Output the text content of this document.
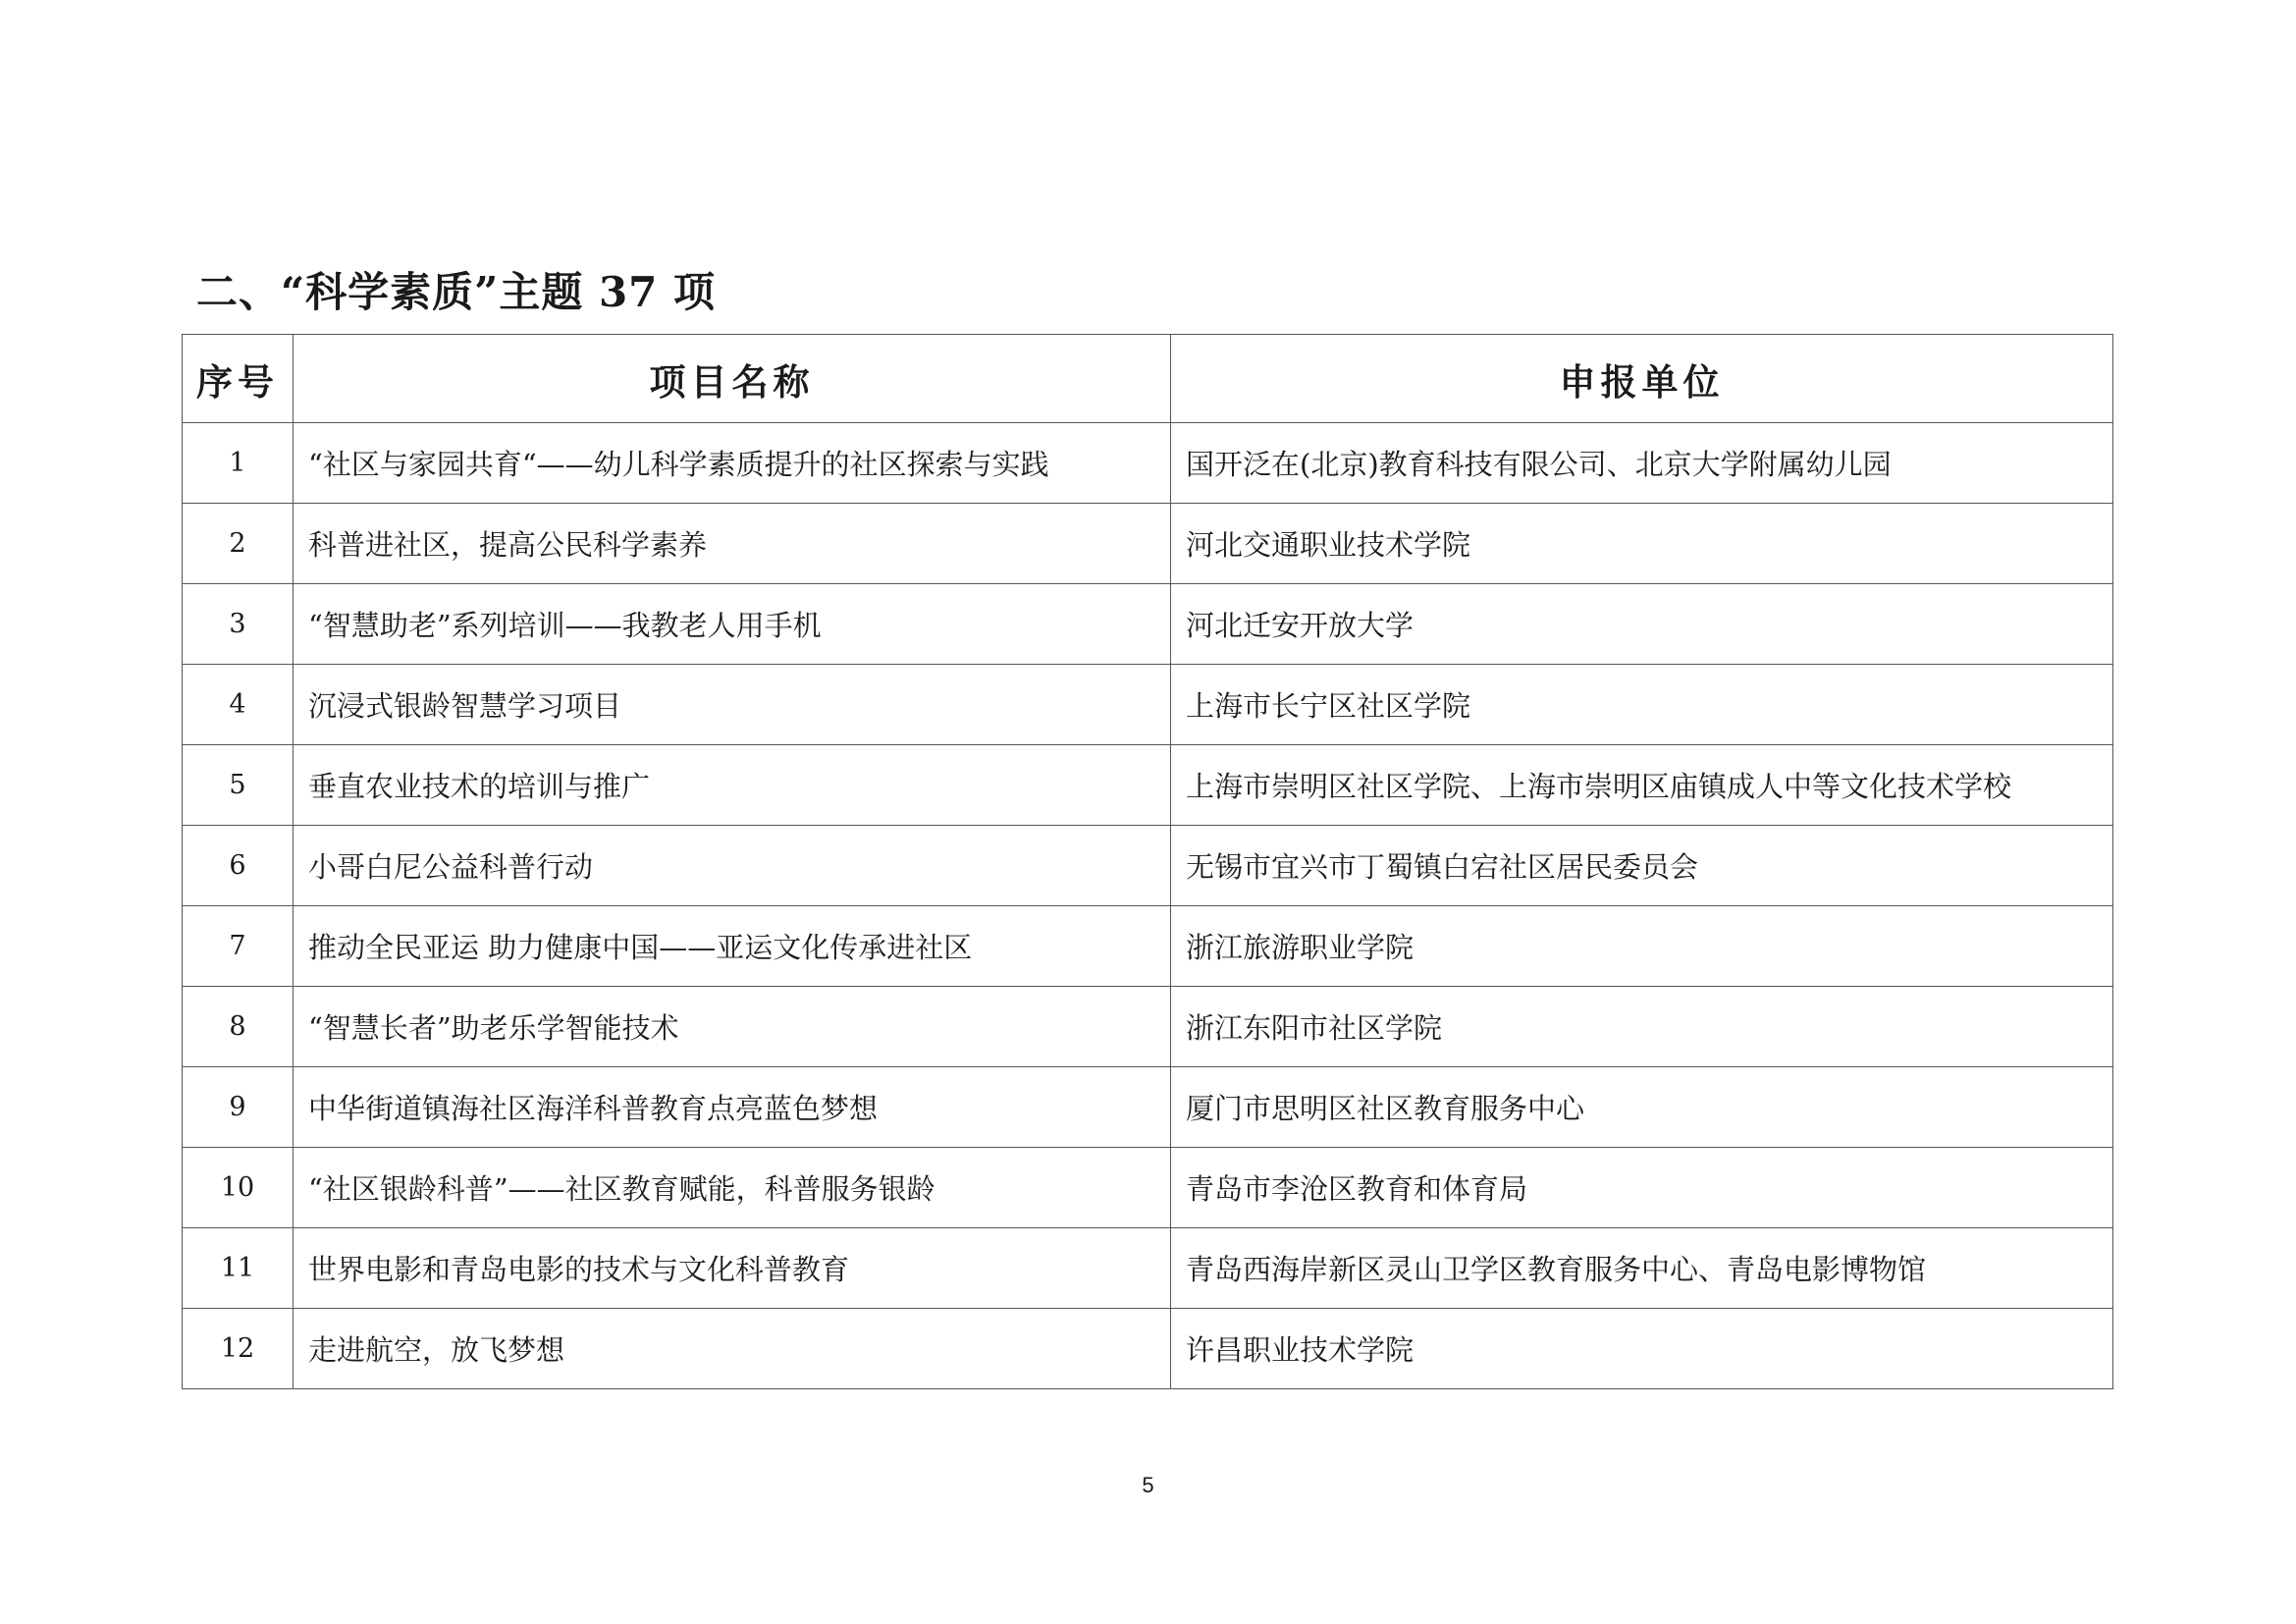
二、“科学素质”主题 37 项
序号	项目名称	申报单位
1	“社区与家园共育“——幼儿科学素质提升的社区探索与实践	国开泛在(北京)教育科技有限公司、北京大学附属幼儿园
2	科普进社区，提高公民科学素养	河北交通职业技术学院
3	“智慧助老”系列培训——我教老人用手机	河北迁安开放大学
4	沉浸式银龄智慧学习项目	上海市长宁区社区学院
5	垂直农业技术的培训与推广	上海市崇明区社区学院、上海市崇明区庙镇成人中等文化技术学校
6	小哥白尼公益科普行动	无锡市宜兴市丁蜀镇白宕社区居民委员会
7	推动全民亚运 助力健康中国——亚运文化传承进社区	浙江旅游职业学院
8	“智慧长者”助老乐学智能技术	浙江东阳市社区学院
9	中华街道镇海社区海洋科普教育点亮蓝色梦想	厦门市思明区社区教育服务中心
10	“社区银龄科普”——社区教育赋能，科普服务银龄	青岛市李沧区教育和体育局
11	世界电影和青岛电影的技术与文化科普教育	青岛西海岸新区灵山卫学区教育服务中心、青岛电影博物馆
12	走进航空，放飞梦想	许昌职业技术学院
5
